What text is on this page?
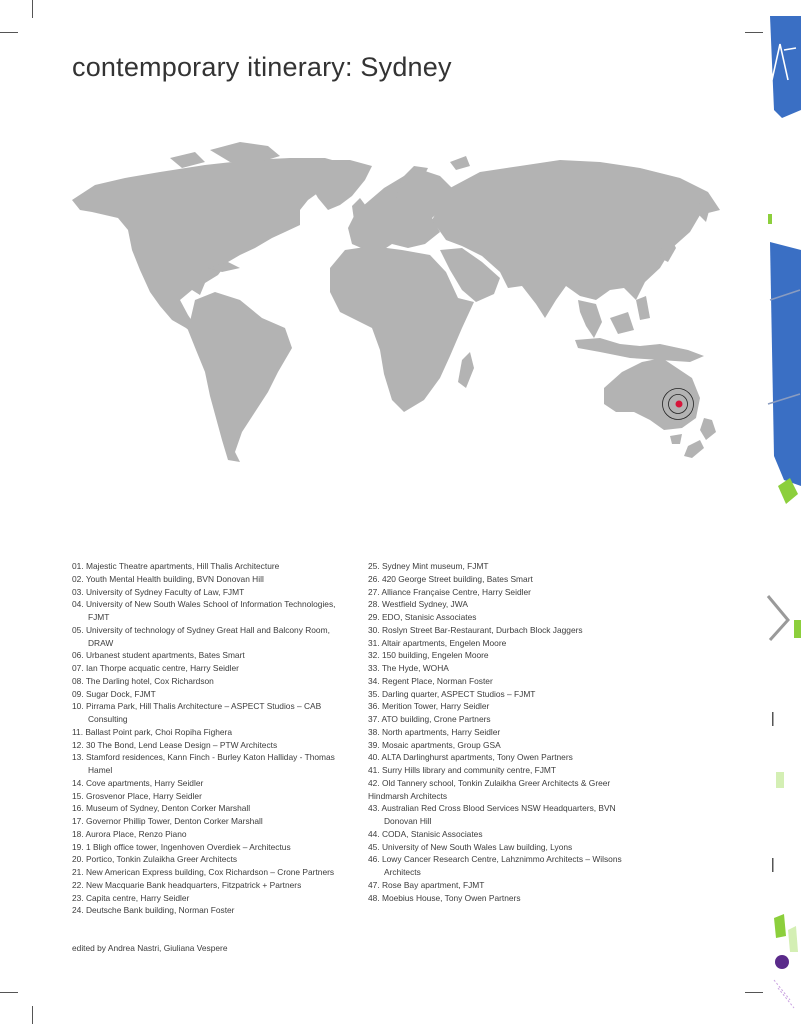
contemporary itinerary: Sydney
01. Majestic Theatre apartments, Hill Thalis Architecture
02. Youth Mental Health building, BVN Donovan Hill
03. University of Sydney Faculty of Law, FJMT
04. University of New South Wales School of Information Technologies, FJMT
05. University of technology of Sydney Great Hall and Balcony Room, DRAW
06. Urbanest student apartments, Bates Smart
07. Ian Thorpe acquatic centre, Harry Seidler
08. The Darling hotel, Cox Richardson
09. Sugar Dock, FJMT
10. Pirrama Park, Hill Thalis Architecture – ASPECT Studios – CAB Consulting
11. Ballast Point park, Choi Ropiha Fighera
12. 30 The Bond, Lend Lease Design – PTW Architects
13. Stamford residences, Kann Finch - Burley Katon Halliday - Thomas Hamel
14. Cove apartments, Harry Seidler
15. Grosvenor Place, Harry Seidler
16. Museum of Sydney, Denton Corker Marshall
17. Governor Phillip Tower, Denton Corker Marshall
18. Aurora Place, Renzo Piano
19. 1 Bligh office tower, Ingenhoven Overdiek – Architectus
20. Portico, Tonkin Zulaikha Greer Architects
21. New American Express building, Cox Richardson – Crone Partners
22. New Macquarie Bank headquarters, Fitzpatrick + Partners
23. Capita centre, Harry Seidler
24. Deutsche Bank building, Norman Foster
25. Sydney Mint museum, FJMT
26. 420 George Street building, Bates Smart
27. Alliance Française Centre, Harry Seidler
28. Westfield Sydney, JWA
29. EDO, Stanisic Associates
30. Roslyn Street Bar-Restaurant, Durbach Block Jaggers
31. Altair apartments, Engelen Moore
32. 150 building, Engelen Moore
33. The Hyde, WOHA
34. Regent Place, Norman Foster
35. Darling quarter, ASPECT Studios – FJMT
36. Merition Tower, Harry Seidler
37. ATO building, Crone Partners
38. North apartments, Harry Seidler
39. Mosaic apartments, Group GSA
40. ALTA Darlinghurst apartments, Tony Owen Partners
41. Surry Hills library and community centre, FJMT
42. Old Tannery school, Tonkin Zulaikha Greer Architects & Greer Hindmarsh Architects
43. Australian Red Cross Blood Services NSW Headquarters, BVN Donovan Hill
44. CODA, Stanisic Associates
45. University of New South Wales Law building, Lyons
46. Lowy Cancer Research Centre, Lahznimmo Architects – Wilsons Architects
47. Rose Bay apartment, FJMT
48. Moebius House, Tony Owen Partners
edited by Andrea Nastri, Giuliana Vespere
